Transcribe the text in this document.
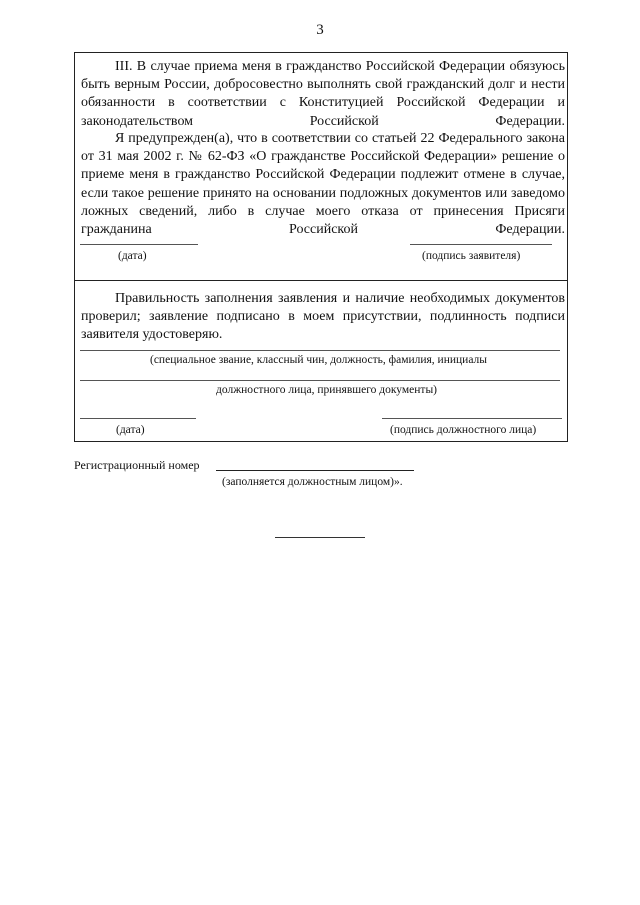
3

III. В случае приема меня в гражданство Российской Федерации обязуюсь быть верным России, добросовестно выполнять свой гражданский долг и нести обязанности в соответствии с Конституцией Российской Федерации и законодательством Российской Федерации.

Я предупрежден(а), что в соответствии со статьей 22 Федерального закона от 31 мая 2002 г. № 62-ФЗ «О гражданстве Российской Федерации» решение о приеме меня в гражданство Российской Федерации подлежит отмене в случае, если такое решение принято на основании подложных документов или заведомо ложных сведений, либо в случае моего отказа от принесения Присяги гражданина Российской Федерации.

(дата)	(подпись заявителя)

Правильность заполнения заявления и наличие необходимых документов проверил; заявление подписано в моем присутствии, подлинность подписи заявителя удостоверяю.

(специальное звание, классный чин, должность, фамилия, инициалы
должностного лица, принявшего документы)
(дата)	(подпись должностного лица)
Регистрационный номер
(заполняется должностным лицом)».
